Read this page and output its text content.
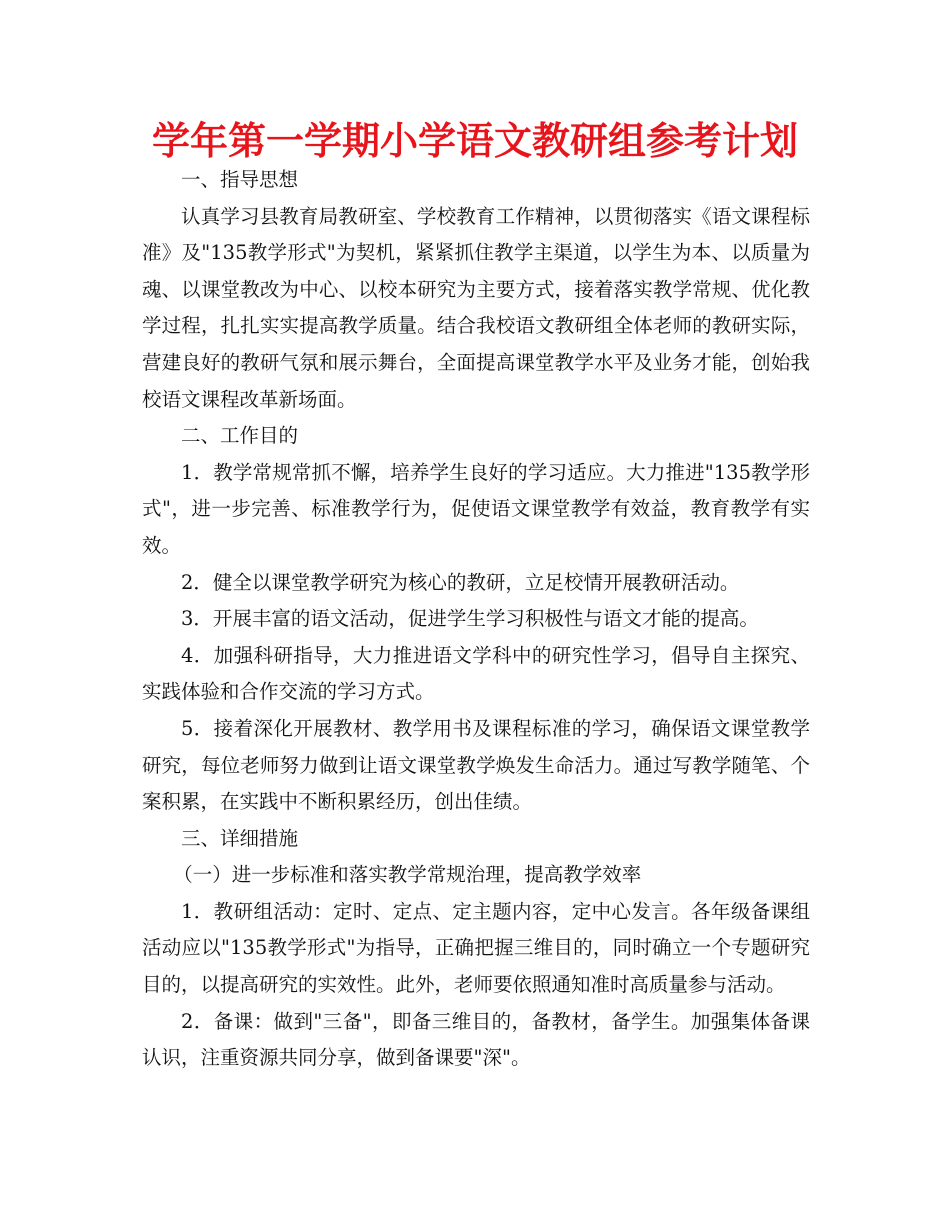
学年第一学期小学语文教研组参考计划

一、指导思想

认真学习县教育局教研室、学校教育工作精神，以贯彻落实《语文课程标准》及"135教学形式"为契机，紧紧抓住教学主渠道，以学生为本、以质量为魂、以课堂教改为中心、以校本研究为主要方式，接着落实教学常规、优化教学过程，扎扎实实提高教学质量。结合我校语文教研组全体老师的教研实际，营建良好的教研气氛和展示舞台，全面提高课堂教学水平及业务才能，创始我校语文课程改革新场面。

二、工作目的

1．教学常规常抓不懈，培养学生良好的学习适应。大力推进"135教学形式"，进一步完善、标准教学行为，促使语文课堂教学有效益，教育教学有实效。

2．健全以课堂教学研究为核心的教研，立足校情开展教研活动。

3．开展丰富的语文活动，促进学生学习积极性与语文才能的提高。

4．加强科研指导，大力推进语文学科中的研究性学习，倡导自主探究、实践体验和合作交流的学习方式。

5．接着深化开展教材、教学用书及课程标准的学习，确保语文课堂教学研究，每位老师努力做到让语文课堂教学焕发生命活力。通过写教学随笔、个案积累，在实践中不断积累经历，创出佳绩。

三、详细措施

（一）进一步标准和落实教学常规治理，提高教学效率

1．教研组活动：定时、定点、定主题内容，定中心发言。各年级备课组活动应以"135教学形式"为指导，正确把握三维目的，同时确立一个专题研究目的，以提高研究的实效性。此外，老师要依照通知准时高质量参与活动。

2．备课：做到"三备"，即备三维目的，备教材，备学生。加强集体备课认识，注重资源共同分享，做到备课要"深"。
